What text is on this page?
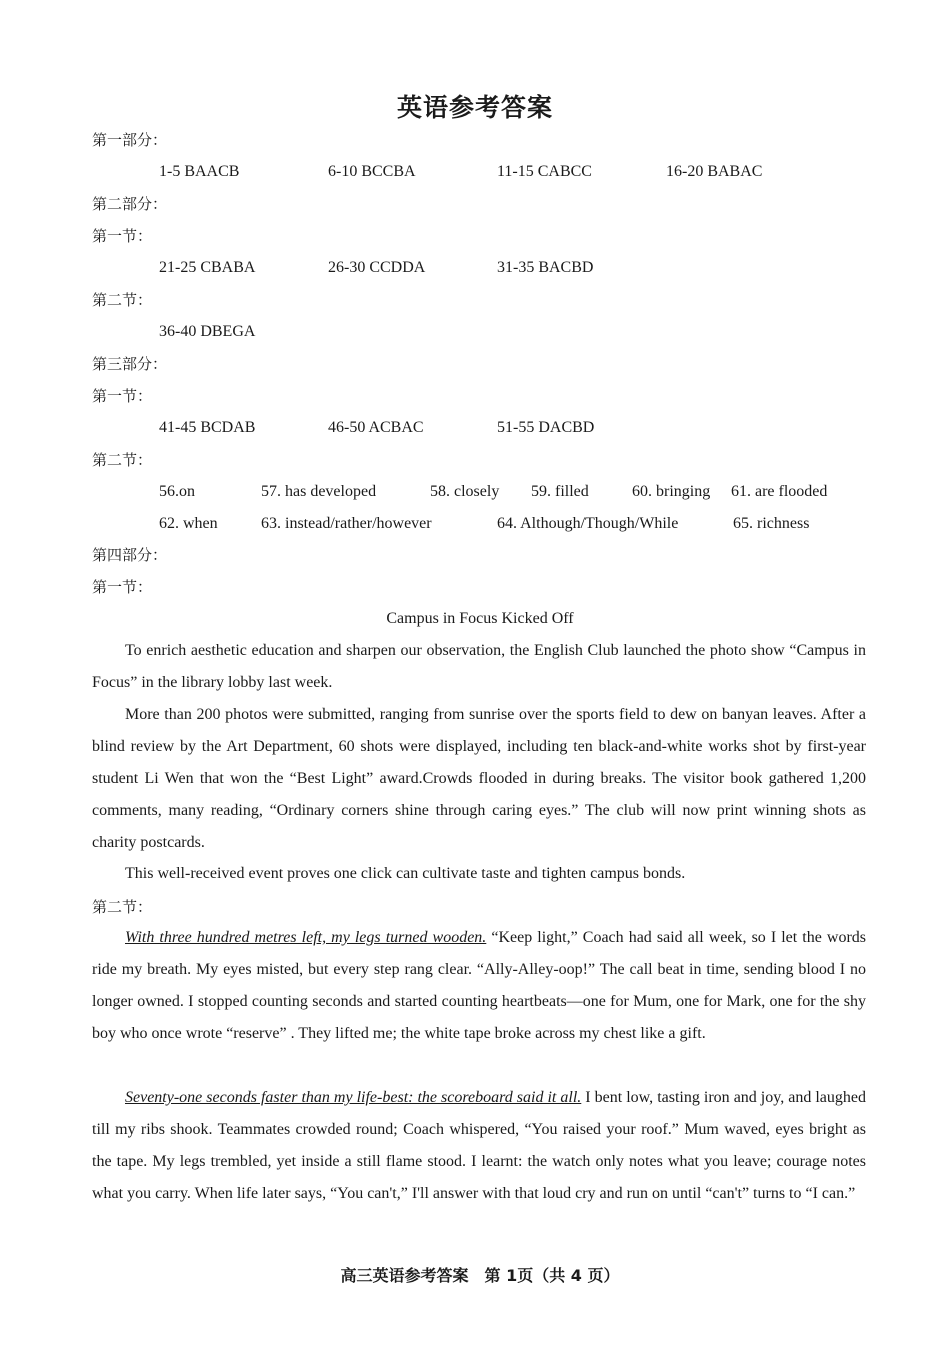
英语参考答案
第一部分：
1-5 BAACB	6-10 BCCBA	11-15 CABCC	16-20 BABAC
第二部分：
第一节：
21-25 CBABA	26-30 CCDDA	31-35 BACBD
第二节：
36-40 DBEGA
第三部分：
第一节：
41-45 BCDAB	46-50 ACBAC	51-55 DACBD
第二节：
56.on	57. has developed	58. closely 59. filled	60. bringing 61. are flooded
62. when	63. instead/rather/however	64. Although/Though/While	65. richness
第四部分：
第一节：
Campus in Focus Kicked Off

To enrich aesthetic education and sharpen our observation, the English Club launched the photo show “Campus in Focus” in the library lobby last week.

More than 200 photos were submitted, ranging from sunrise over the sports field to dew on banyan leaves. After a blind review by the Art Department, 60 shots were displayed, including ten black-and-white works shot by first-year student Li Wen that won the “Best Light” award.Crowds flooded in during breaks. The visitor book gathered 1,200 comments, many reading, “Ordinary corners shine through caring eyes.” The club will now print winning shots as charity postcards.

This well-received event proves one click can cultivate taste and tighten campus bonds.

第二节：

With three hundred metres left, my legs turned wooden. “Keep light,” Coach had said all week, so I let the words ride my breath. My eyes misted, but every step rang clear. “Ally-Alley-oop!” The call beat in time, sending blood I no longer owned. I stopped counting seconds and started counting heartbeats—one for Mum, one for Mark, one for the shy boy who once wrote “reserve” . They lifted me; the white tape broke across my chest like a gift.

Seventy-one seconds faster than my life-best: the scoreboard said it all. I bent low, tasting iron and joy, and laughed till my ribs shook. Teammates crowded round; Coach whispered, “You raised your roof.” Mum waved, eyes bright as the tape. My legs trembled, yet inside a still flame stood. I learnt: the watch only notes what you leave; courage notes what you carry. When life later says, “You can't,” I'll answer with that loud cry and run on until “can't” turns to “I can.”

高三英语参考答案　第 1页（共 4 页）
